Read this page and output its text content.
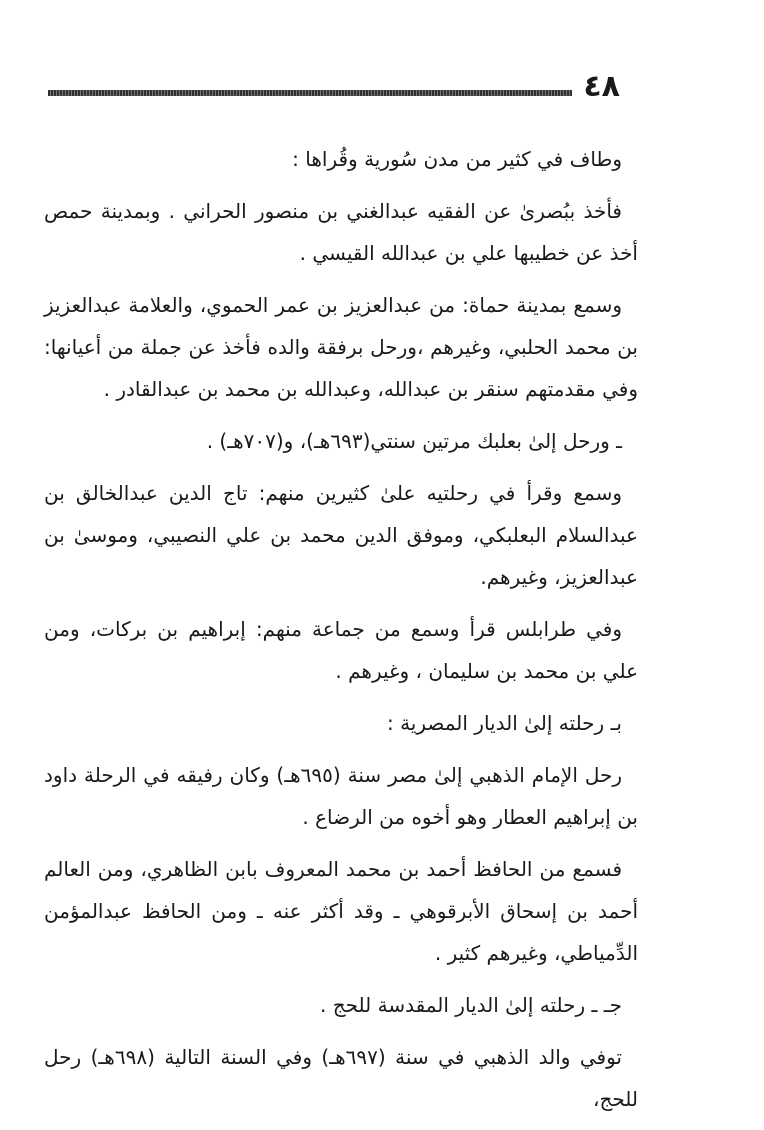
٤٨

وطاف في كثير من مدن سُورية وقُراها :

فأخذ ببُصرىٰ عن الفقيه عبدالغني بن منصور الحراني . وبمدينة حمص أخذ عن خطيبها علي بن عبدالله القيسي .

وسمع بمدينة حماة: من عبدالعزيز بن عمر الحموي، والعلامة عبدالعزيز بن محمد الحلبي، وغيرهم ،ورحل برفقة والده فأخذ عن جملة من أعيانها: وفي مقدمتهم سنقر بن عبدالله، وعبدالله بن محمد بن عبدالقادر .

ـ ورحل إلىٰ بعلبك مرتين سنتي(٦٩٣هـ)، و(٧٠٧هـ) .

وسمع وقرأ في رحلتيه علىٰ كثيرين منهم: تاج الدين عبدالخالق بن عبدالسلام البعلبكي، وموفق الدين محمد بن علي النصيبي، وموسىٰ بن عبدالعزيز، وغيرهم.

وفي طرابلس قرأ وسمع من جماعة منهم: إبراهيم بن بركات، ومن علي بن محمد بن سليمان ، وغيرهم .

بـ رحلته إلىٰ الديار المصرية :

رحل الإمام الذهبي إلىٰ مصر سنة (٦٩٥هـ) وكان رفيقه في الرحلة داود بن إبراهيم العطار وهو أخوه من الرضاع .

فسمع من الحافظ أحمد بن محمد المعروف بابن الظاهري، ومن العالم أحمد بن إسحاق الأبرقوهي ـ وقد أكثر عنه ـ ومن الحافظ عبدالمؤمن الدِّمياطي، وغيرهم كثير .

جـ ـ رحلته إلىٰ الديار المقدسة للحج .

توفي والد الذهبي في سنة (٦٩٧هـ) وفي السنة التالية (٦٩٨هـ) رحل للحج،
